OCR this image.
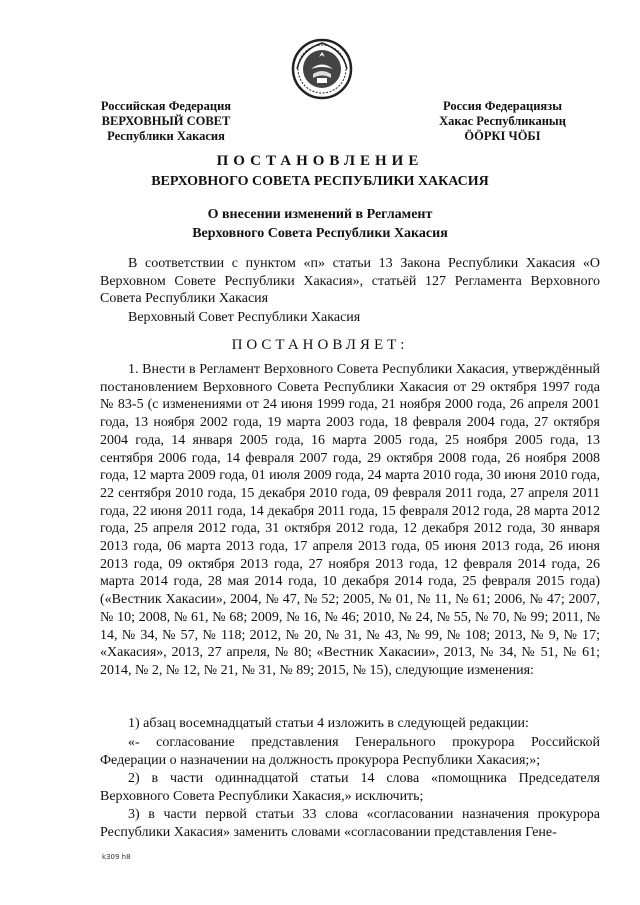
Российская Федерация
ВЕРХОВНЫЙ СОВЕТ
Республики Хакасия
Россия Федерациязы
Хакас Республиканың
ӦӦРКI ЧӦБI
ПОСТАНОВЛЕНИЕ
ВЕРХОВНОГО СОВЕТА РЕСПУБЛИКИ ХАКАСИЯ
О внесении изменений в Регламент
Верховного Совета Республики Хакасия
В соответствии с пунктом «п» статьи 13 Закона Республики Хакасия «О Верховном Совете Республики Хакасия», статьёй 127 Регламента Верховного Совета Республики Хакасия
Верховный Совет Республики Хакасия
ПОСТАНОВЛЯЕТ:
1. Внести в Регламент Верховного Совета Республики Хакасия, утверждённый постановлением Верховного Совета Республики Хакасия от 29 октября 1997 года № 83-5 (с изменениями от 24 июня 1999 года, 21 ноября 2000 года, 26 апреля 2001 года, 13 ноября 2002 года, 19 марта 2003 года, 18 февраля 2004 года, 27 октября 2004 года, 14 января 2005 года, 16 марта 2005 года, 25 ноября 2005 года, 13 сентября 2006 года, 14 февраля 2007 года, 29 октября 2008 года, 26 ноября 2008 года, 12 марта 2009 года, 01 июля 2009 года, 24 марта 2010 года, 30 июня 2010 года, 22 сентября 2010 года, 15 декабря 2010 года, 09 февраля 2011 года, 27 апреля 2011 года, 22 июня 2011 года, 14 декабря 2011 года, 15 февраля 2012 года, 28 марта 2012 года, 25 апреля 2012 года, 31 октября 2012 года, 12 декабря 2012 года, 30 января 2013 года, 06 марта 2013 года, 17 апреля 2013 года, 05 июня 2013 года, 26 июня 2013 года, 09 октября 2013 года, 27 ноября 2013 года, 12 февраля 2014 года, 26 марта 2014 года, 28 мая 2014 года, 10 декабря 2014 года, 25 февраля 2015 года) («Вестник Хакасии», 2004, № 47, № 52; 2005, № 01, № 11, № 61; 2006, № 47; 2007, № 10; 2008, № 61, № 68; 2009, № 16, № 46; 2010, № 24, № 55, № 70, № 99; 2011, № 14, № 34, № 57, № 118; 2012, № 20, № 31, № 43, № 99, № 108; 2013, № 9, № 17; «Хакасия», 2013, 27 апреля, № 80; «Вестник Хакасии», 2013, № 34, № 51, № 61; 2014, № 2, № 12, № 21, № 31, № 89; 2015, № 15), следующие изменения:
1) абзац восемнадцатый статьи 4 изложить в следующей редакции:
«- согласование представления Генерального прокурора Российской Федерации о назначении на должность прокурора Республики Хакасия;»;
2) в части одиннадцатой статьи 14 слова «помощника Председателя Верховного Совета Республики Хакасия,» исключить;
3) в части первой статьи 33 слова «согласовании назначения прокурора Республики Хакасия» заменить словами «согласовании представления Гене-
k309 h8
